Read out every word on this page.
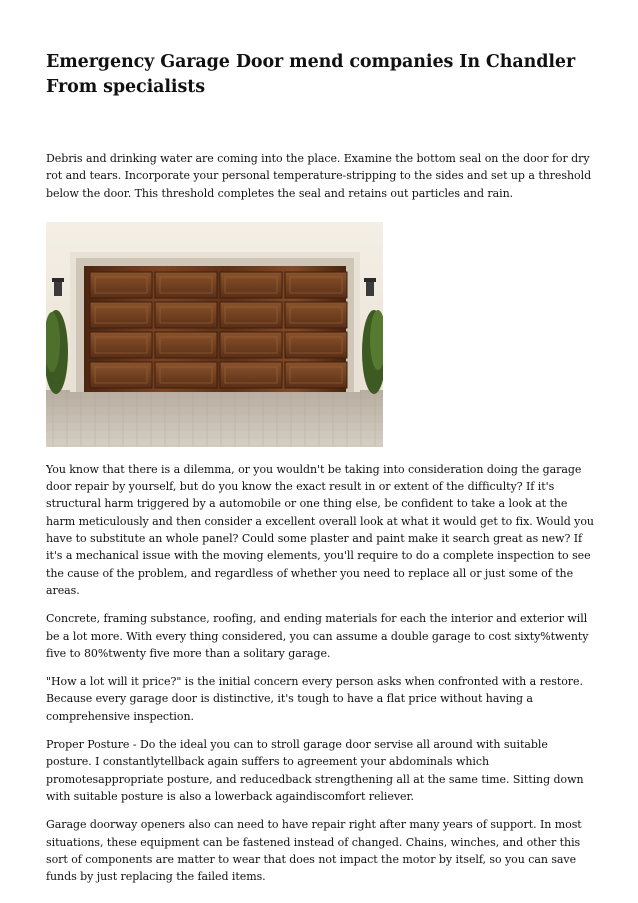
Emergency Garage Door mend companies In Chandler From specialists

Debris and drinking water are coming into the place. Examine the bottom seal on the door for dry rot and tears. Incorporate your personal temperature-stripping to the sides and set up a threshold below the door. This threshold completes the seal and retains out particles and rain.

You know that there is a dilemma, or you wouldn't be taking into consideration doing the garage door repair by yourself, but do you know the exact result in or extent of the difficulty? If it's structural harm triggered by a automobile or one thing else, be confident to take a look at the harm meticulously and then consider a excellent overall look at what it would get to fix. Would you have to substitute an whole panel? Could some plaster and paint make it search great as new? If it's a mechanical issue with the moving elements, you'll require to do a complete inspection to see the cause of the problem, and regardless of whether you need to replace all or just some of the areas.

Concrete, framing substance, roofing, and ending materials for each the interior and exterior will be a lot more. With every thing considered, you can assume a double garage to cost sixty%twenty five to 80%twenty five more than a solitary garage.

"How a lot will it price?" is the initial concern every person asks when confronted with a restore. Because every garage door is distinctive, it's tough to have a flat price without having a comprehensive inspection.

Proper Posture - Do the ideal you can to stroll garage door servise all around with suitable posture. I constantlytellback again suffers to agreement your abdominals which promotesappropriate posture, and reducedback strengthening all at the same time. Sitting down with suitable posture is also a lowerback againdiscomfort reliever.

Garage doorway openers also can need to have repair right after many years of support. In most situations, these equipment can be fastened instead of changed. Chains, winches, and other this sort of components are matter to wear that does not impact the motor by itself, so you can save funds by just replacing the failed items.
